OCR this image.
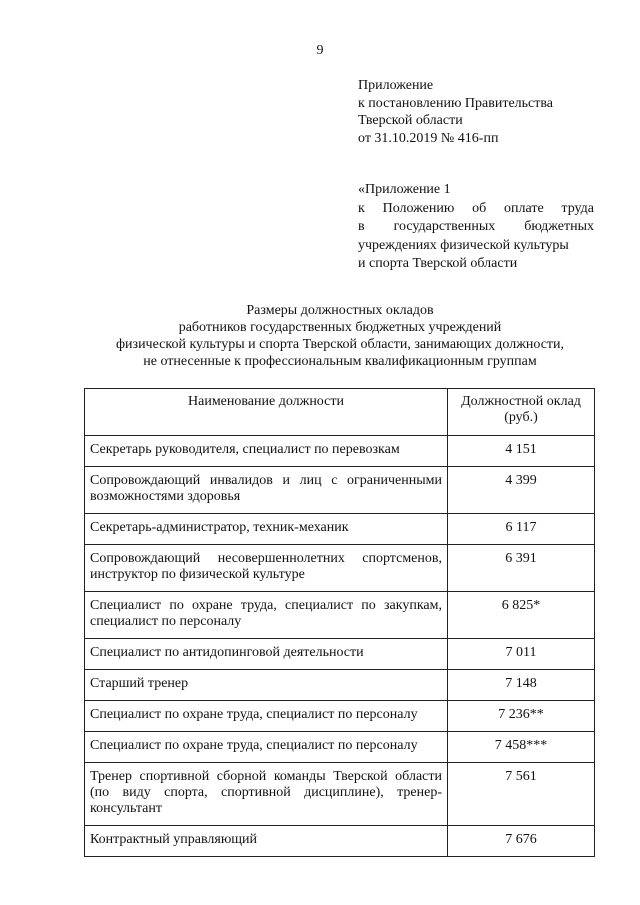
9
Приложение
к постановлению Правительства
Тверской области
от 31.10.2019 № 416-пп
«Приложение 1
к Положению об оплате труда
в государственных бюджетных
учреждениях физической культуры
и спорта Тверской области
Размеры должностных окладов
работников государственных бюджетных учреждений
физической культуры и спорта Тверской области, занимающих должности,
не отнесенные к профессиональным квалификационным группам
Наименование должности	Должностной оклад
(руб.)

Секретарь руководителя, специалист по перевозкам	4 151
Сопровождающий инвалидов и лиц с ограниченными возможностями здоровья	4 399
Секретарь-администратор, техник-механик	6 117
Сопровождающий несовершеннолетних спортсменов, инструктор по физической культуре	6 391
Специалист по охране труда, специалист по закупкам, специалист по персоналу	6 825*
Специалист по антидопинговой деятельности	7 011
Старший тренер	7 148
Специалист по охране труда, специалист по персоналу	7 236**
Специалист по охране труда, специалист по персоналу	7 458***
Тренер спортивной сборной команды Тверской области (по виду спорта, спортивной дисциплине), тренер-консультант	7 561
Контрактный управляющий	7 676
